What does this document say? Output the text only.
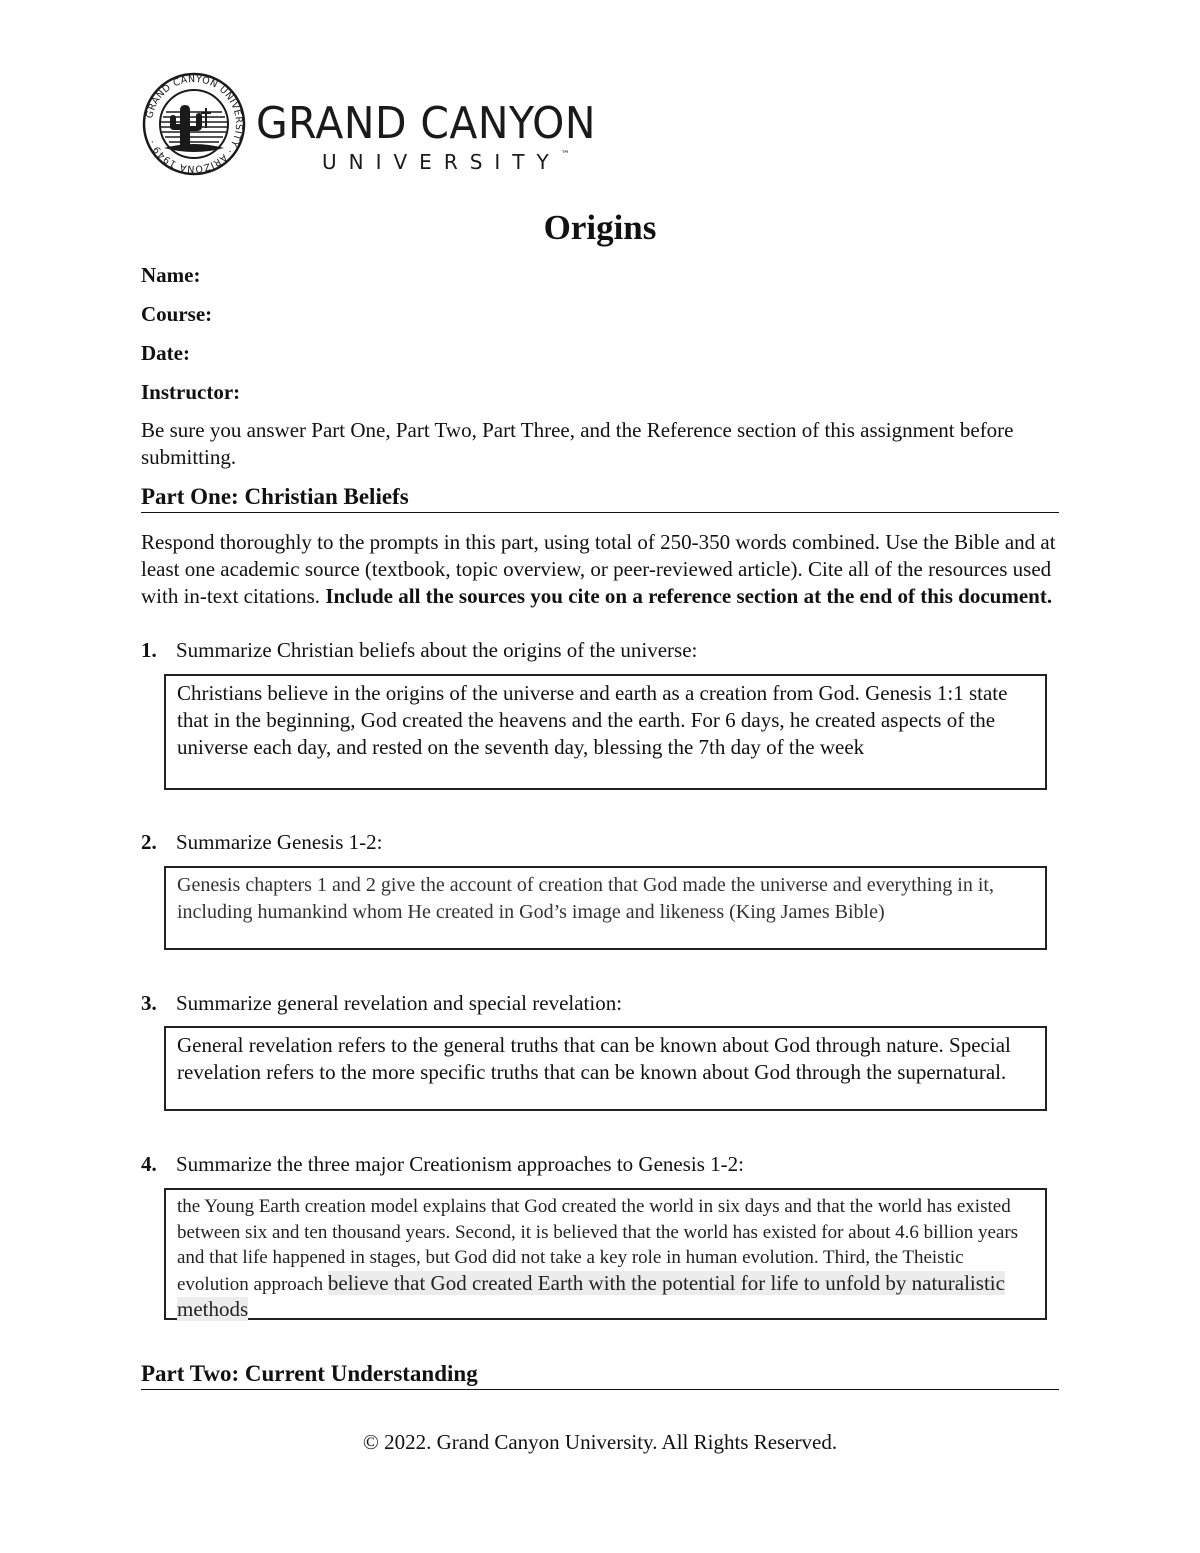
GRAND CANYON UNIVERSITY · ARIZONA 1949 ·	GRAND CANYON
UNIVERSITY™
Origins
Name:
Course:
Date:
Instructor:
Be sure you answer Part One, Part Two, Part Three, and the Reference section of this assignment before submitting.
Part One: Christian Beliefs
Respond thoroughly to the prompts in this part, using total of 250-350 words combined. Use the Bible and at least one academic source (textbook, topic overview, or peer-reviewed article). Cite all of the resources used with in-text citations. Include all the sources you cite on a reference section at the end of this document.
1. Summarize Christian beliefs about the origins of the universe:
Christians believe in the origins of the universe and earth as a creation from God. Genesis 1:1 state that in the beginning, God created the heavens and the earth. For 6 days, he created aspects of the universe each day, and rested on the seventh day, blessing the 7th day of the week
2. Summarize Genesis 1-2:
Genesis chapters 1 and 2 give the account of creation that God made the universe and everything in it, including humankind whom He created in God’s image and likeness (King James Bible)
3. Summarize general revelation and special revelation:
General revelation refers to the general truths that can be known about God through nature. Special revelation refers to the more specific truths that can be known about God through the supernatural.
4. Summarize the three major Creationism approaches to Genesis 1-2:
the Young Earth creation model explains that God created the world in six days and that the world has existed between six and ten thousand years. Second, it is believed that the world has existed for about 4.6 billion years and that life happened in stages, but God did not take a key role in human evolution. Third, the Theistic evolution approach believe that God created Earth with the potential for life to unfold by naturalistic methods
Part Two: Current Understanding
© 2022. Grand Canyon University. All Rights Reserved.
